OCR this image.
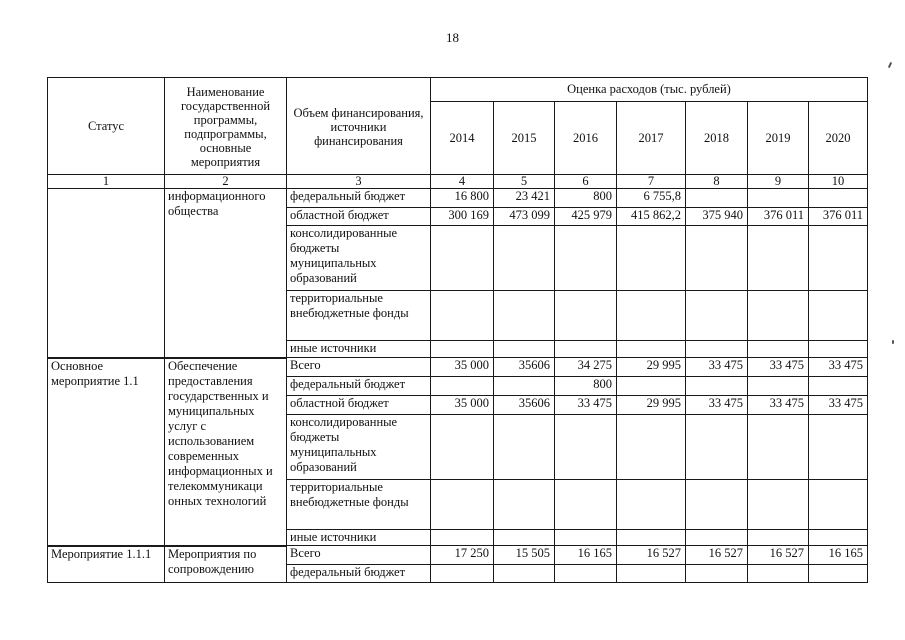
18
Статус	Наименование государственной программы, подпрограммы, основные мероприятия	Объем финансирования, источники финансирования	Оценка расходов (тыс. рублей)						
			2014	2015	2016	2017	2018	2019	2020
1	2	3	4	5	6	7	8	9	10
	информационного общества	федеральный бюджет	16 800	23 421	800	6 755,8			
		областной бюджет	300 169	473 099	425 979	415 862,2	375 940	376 011	376 011
		консолидированные бюджеты муниципальных образований							
		территориальные внебюджетные фонды							
		иные источники							
Основное мероприятие 1.1	Обеспечение предоставления государственных и муниципальных услуг с использованием современных информационных и телекоммуникаци онных технологий	Всего	35 000	35606	34 275	29 995	33 475	33 475	33 475
		федеральный бюджет			800				
		областной бюджет	35 000	35606	33 475	29 995	33 475	33 475	33 475
		консолидированные бюджеты муниципальных образований							
		территориальные внебюджетные фонды							
		иные источники							
Мероприятие 1.1.1	Мероприятия по сопровождению	Всего	17 250	15 505	16 165	16 527	16 527	16 527	16 165
		федеральный бюджет							
